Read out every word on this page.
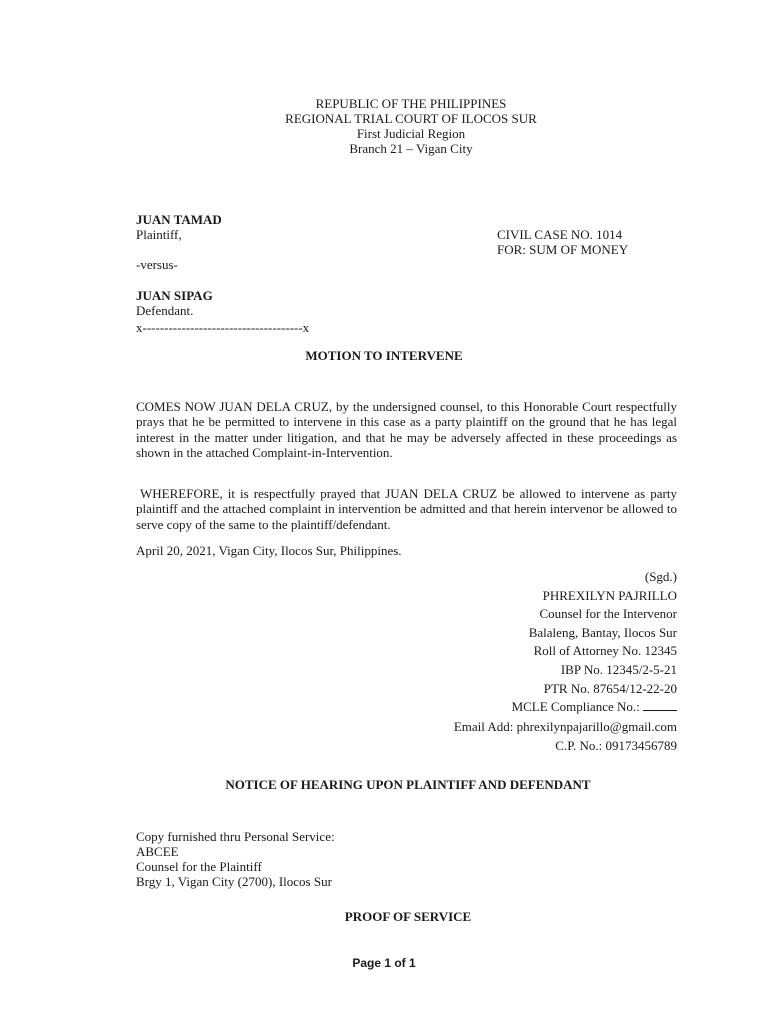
REPUBLIC OF THE PHILIPPINES
REGIONAL TRIAL COURT OF ILOCOS SUR
First Judicial Region
Branch 21 – Vigan City
JUAN TAMAD
Plaintiff,	CIVIL CASE NO. 1014
FOR: SUM OF MONEY
-versus-
JUAN SIPAG
Defendant.
x-------------------------------------x
MOTION TO INTERVENE
COMES NOW JUAN DELA CRUZ, by the undersigned counsel, to this Honorable Court respectfully prays that he be permitted to intervene in this case as a party plaintiff on the ground that he has legal interest in the matter under litigation, and that he may be adversely affected in these proceedings as shown in the attached Complaint-in-Intervention.
WHEREFORE, it is respectfully prayed that JUAN DELA CRUZ be allowed to intervene as party plaintiff and the attached complaint in intervention be admitted and that herein intervenor be allowed to serve copy of the same to the plaintiff/defendant.
April 20, 2021, Vigan City, Ilocos Sur, Philippines.
(Sgd.)
PHREXILYN PAJRILLO
Counsel for the Intervenor
Balaleng, Bantay, Ilocos Sur
Roll of Attorney No. 12345
IBP No. 12345/2-5-21
PTR No. 87654/12-22-20
MCLE Compliance No.:
Email Add: phrexilynpajarillo@gmail.com
C.P. No.: 09173456789
NOTICE OF HEARING UPON PLAINTIFF AND DEFENDANT
Copy furnished thru Personal Service:
ABCEE
Counsel for the Plaintiff
Brgy 1, Vigan City (2700), Ilocos Sur
PROOF OF SERVICE
Page 1 of 1
